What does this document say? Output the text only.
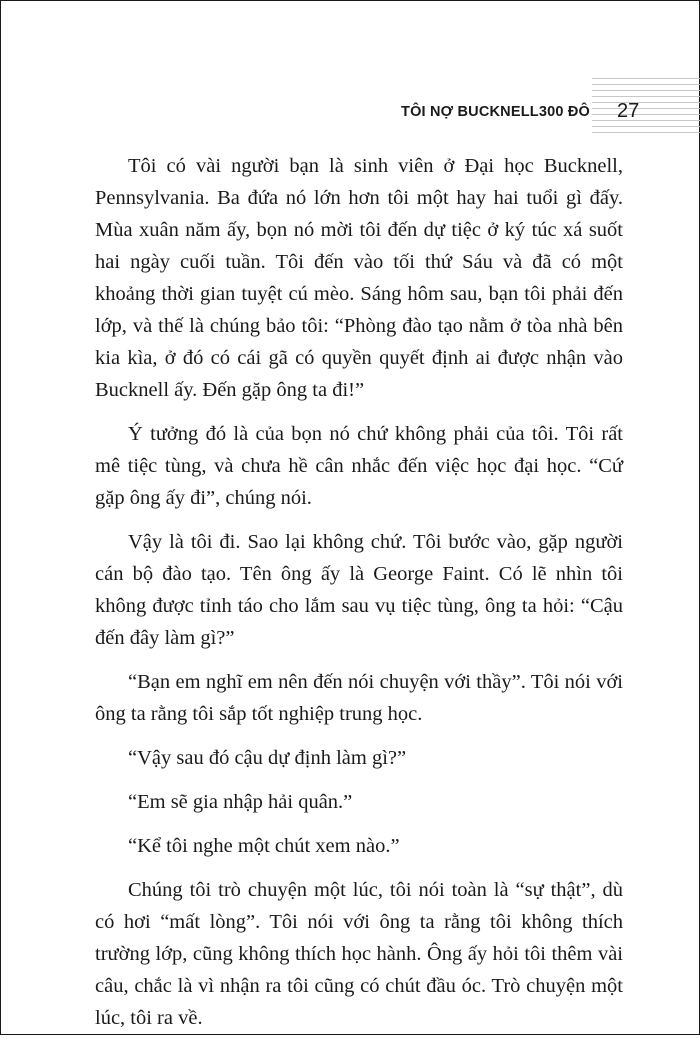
TÔI NỢ BUCKNELL300 ĐÔ 27

Tôi có vài người bạn là sinh viên ở Đại học Bucknell, Pennsylvania. Ba đứa nó lớn hơn tôi một hay hai tuổi gì đấy. Mùa xuân năm ấy, bọn nó mời tôi đến dự tiệc ở ký túc xá suốt hai ngày cuối tuần. Tôi đến vào tối thứ Sáu và đã có một khoảng thời gian tuyệt cú mèo. Sáng hôm sau, bạn tôi phải đến lớp, và thế là chúng bảo tôi: “Phòng đào tạo nằm ở tòa nhà bên kia kìa, ở đó có cái gã có quyền quyết định ai được nhận vào Bucknell ấy. Đến gặp ông ta đi!”

Ý tưởng đó là của bọn nó chứ không phải của tôi. Tôi rất mê tiệc tùng, và chưa hề cân nhắc đến việc học đại học. “Cứ gặp ông ấy đi”, chúng nói.

Vậy là tôi đi. Sao lại không chứ. Tôi bước vào, gặp người cán bộ đào tạo. Tên ông ấy là George Faint. Có lẽ nhìn tôi không được tỉnh táo cho lắm sau vụ tiệc tùng, ông ta hỏi: “Cậu đến đây làm gì?”

“Bạn em nghĩ em nên đến nói chuyện với thầy”. Tôi nói với ông ta rằng tôi sắp tốt nghiệp trung học.

“Vậy sau đó cậu dự định làm gì?”

“Em sẽ gia nhập hải quân.”

“Kể tôi nghe một chút xem nào.”

Chúng tôi trò chuyện một lúc, tôi nói toàn là “sự thật”, dù có hơi “mất lòng”. Tôi nói với ông ta rằng tôi không thích trường lớp, cũng không thích học hành. Ông ấy hỏi tôi thêm vài câu, chắc là vì nhận ra tôi cũng có chút đầu óc. Trò chuyện một lúc, tôi ra về.
